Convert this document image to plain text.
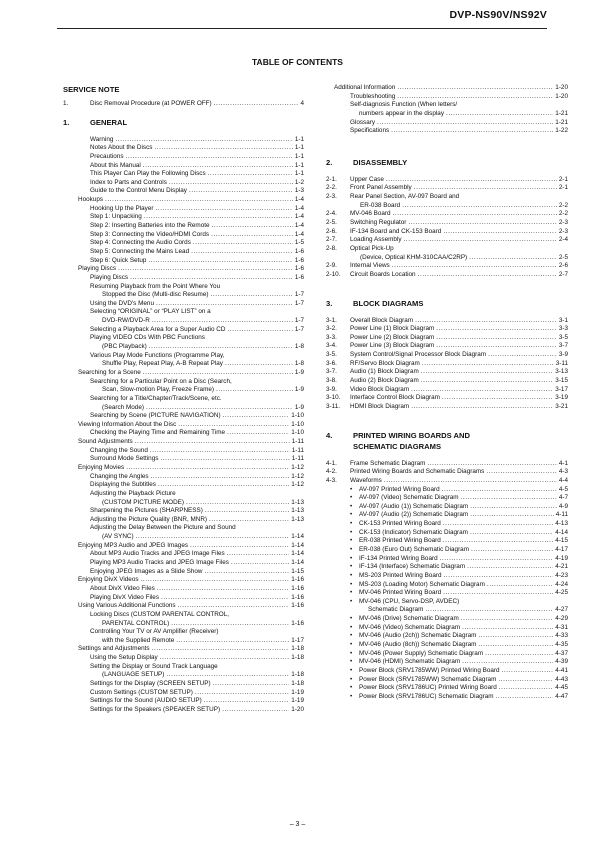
DVP-NS90V/NS92V
TABLE OF CONTENTS
SERVICE NOTE
1.	Disc Removal Procedure (at POWER OFF) .....	4
1.	GENERAL
Warning .....	1-1
Notes About the Discs .....	1-1
Precautions .....	1-1
About this Manual .....	1-1
This Player Can Play the Following Discs .....	1-1
Index to Parts and Controls .....	1-2
Guide to the Control Menu Display .....	1-3
Hookups .....	1-4
Hooking Up the Player .....	1-4
Step 1: Unpacking .....	1-4
Step 2: Inserting Batteries into the Remote .....	1-4
Step 3: Connecting the Video/HDMI Cords .....	1-4
Step 4: Connecting the Audio Cords .....	1-5
Step 5: Connecting the Mains Lead .....	1-6
Step 6: Quick Setup .....	1-6
Playing Discs .....	1-6
Playing Discs .....	1-6
Resuming Playback from the Point Where You
Stopped the Disc (Multi-disc Resume) .....	1-7
Using the DVD's Menu .....	1-7
Selecting “ORIGINAL” or “PLAY LIST” on a
DVD-RW/DVD-R .....	1-7
Selecting a Playback Area for a Super Audio CD .....	1-7
Playing VIDEO CDs With PBC Functions
(PBC Playback) .....	1-8
Various Play Mode Functions (Programme Play,
Shuffle Play, Repeat Play, A-B Repeat Play .....	1-8
Searching for a Scene .....	1-9
Searching for a Particular Point on a Disc (Search,
Scan, Slow-motion Play, Freeze Frame) .....	1-9
Searching for a Title/Chapter/Track/Scene, etc.
(Search Mode) .....	1-9
Searching by Scene (PICTURE NAVIGATION) .....	1-10
Viewing Information About the Disc .....	1-10
Checking the Playing Time and Remaining Time .....	1-10
Sound Adjustments .....	1-11
Changing the Sound .....	1-11
Surround Mode Settings .....	1-11
Enjoying Movies .....	1-12
Changing the Angles .....	1-12
Displaying the Subtitles .....	1-12
Adjusting the Playback Picture
(CUSTOM PICTURE MODE) .....	1-13
Sharpening the Pictures (SHARPNESS) .....	1-13
Adjusting the Picture Quality (BNR, MNR) .....	1-13
Adjusting the Delay Between the Picture and Sound
(AV SYNC) .....	1-14
Enjoying MP3 Audio and JPEG Images .....	1-14
About MP3 Audio Tracks and JPEG Image Files .....	1-14
Playing MP3 Audio Tracks and JPEG Image Files .....	1-14
Enjoying JPEG Images as a Slide Show .....	1-15
Enjoying DivX Videos .....	1-16
About DivX Video Files .....	1-16
Playing DivX Video Files .....	1-16
Using Various Additional Functions .....	1-16
Locking Discs (CUSTOM PARENTAL CONTROL,
PARENTAL CONTROL) .....	1-16
Controlling Your TV or AV Amplifier (Receiver)
with the Supplied Remote .....	1-17
Settings and Adjustments .....	1-18
Using the Setup Display .....	1-18
Setting the Display or Sound Track Language
(LANGUAGE SETUP) .....	1-18
Settings for the Display (SCREEN SETUP) .....	1-18
Custom Settings (CUSTOM SETUP) .....	1-19
Settings for the Sound (AUDIO SETUP) .....	1-19
Settings for the Speakers (SPEAKER SETUP) .....	1-20
Additional Information .....	1-20
Troubleshooting .....	1-20
Self-diagnosis Function (When letters/
numbers appear in the display .....	1-21
Glossary .....	1-21
Specifications .....	1-22
2.	DISASSEMBLY
2-1. Upper Case .....	2-1
2-2. Front Panel Assembly .....	2-1
2-3. Rear Panel Section, AV-097 Board and
ER-038 Board .....	2-2
2-4. MV-046 Board .....	2-2
2-5. Switching Regulator .....	2-3
2-6. IF-134 Board and CK-153 Board .....	2-3
2-7. Loading Assembly .....	2-4
2-8. Optical Pick-Up
(Device, Optical KHM-310CAA/C2RP) .....	2-5
2-9. Internal Views .....	2-6
2-10. Circuit Boards Location .....	2-7
3.	BLOCK DIAGRAMS
3-1. Overall Block Diagram .....	3-1
3-2. Power Line (1) Block Diagram .....	3-3
3-3. Power Line (2) Block Diagram .....	3-5
3-4. Power Line (3) Block Diagram .....	3-7
3-5. System Control/Signal Processor Block Diagram .....	3-9
3-6. RF/Servo Block Diagram .....	3-11
3-7. Audio (1) Block Diagram .....	3-13
3-8. Audio (2) Block Diagram .....	3-15
3-9. Video Block Diagram .....	3-17
3-10. Interface Control Block Diagram .....	3-19
3-11. HDMI Block Diagram .....	3-21
4.	PRINTED WIRING BOARDS AND
SCHEMATIC DIAGRAMS
4-1. Frame Schematic Diagram .....	4-1
4-2. Printed Wiring Boards and Schematic Diagrams .....	4-3
4-3. Waveforms .....	4-4
• AV-097 Printed Wiring Board .....	4-5
• AV-097 (Video) Schematic Diagram .....	4-7
• AV-097 (Audio (1)) Schematic Diagram .....	4-9
• AV-097 (Audio (2)) Schematic Diagram .....	4-11
• CK-153 Printed Wiring Board .....	4-13
• CK-153 (Indicator) Schematic Diagram .....	4-14
• ER-038 Printed Wiring Board .....	4-15
• ER-038 (Euro Out) Schematic Diagram .....	4-17
• IF-134 Printed Wiring Board .....	4-19
• IF-134 (Interface) Schematic Diagram .....	4-21
• MS-203 Printed Wiring Board .....	4-23
• MS-203 (Loading Motor) Schematic Diagram .....	4-24
• MV-046 Printed Wiring Board .....	4-25
• MV-046 (CPU, Servo-DSP, AVDEC)
Schematic Diagram .....	4-27
• MV-046 (Drive) Schematic Diagram .....	4-29
• MV-046 (Video) Schematic Diagram .....	4-31
• MV-046 (Audio (2ch)) Schematic Diagram .....	4-33
• MV-046 (Audio (8ch)) Schematic Diagram .....	4-35
• MV-046 (Power Supply) Schematic Diagram .....	4-37
• MV-046 (HDMI) Schematic Diagram .....	4-39
• Power Block (SRV1785WW) Printed Wiring Board .....	4-41
• Power Block (SRV1785WW) Schematic Diagram .....	4-43
• Power Block (SRV1786UC) Printed Wiring Board .....	4-45
• Power Block (SRV1786UC) Schematic Diagram .....	4-47
– 3 –
